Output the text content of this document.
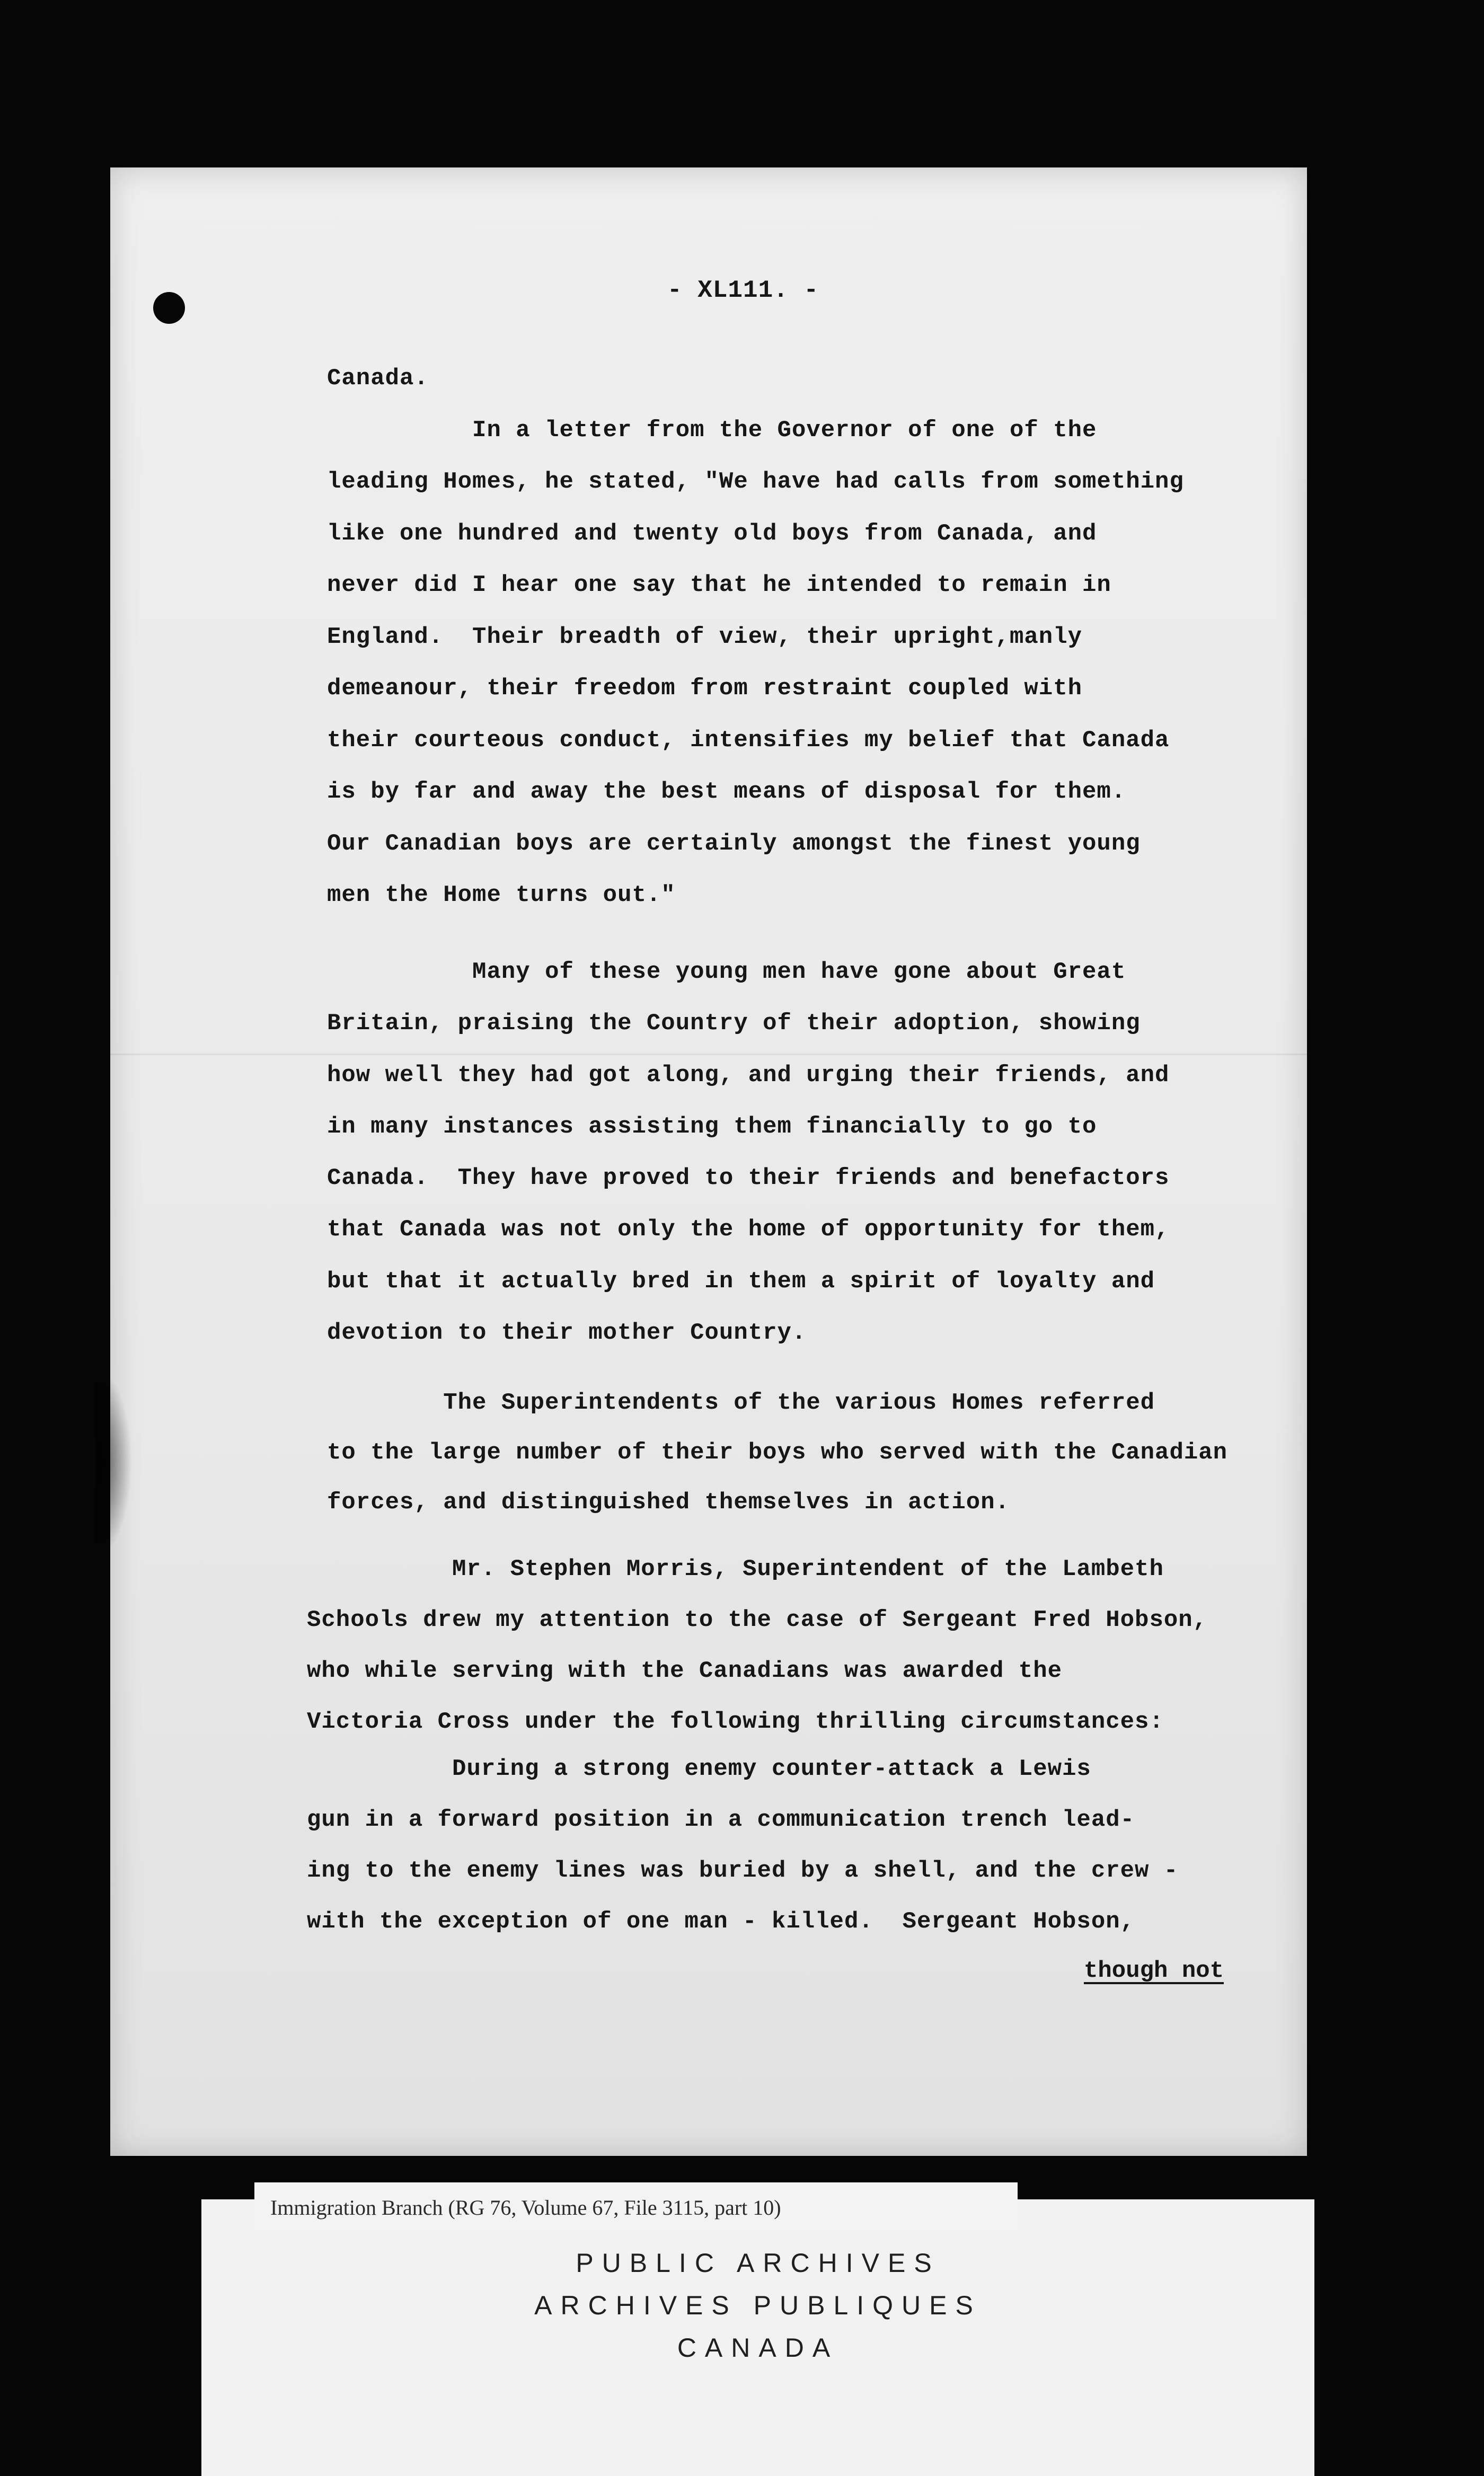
- XL111. -
Canada.
In a letter from the Governor of one of the
leading Homes, he stated, "We have had calls from something
like one hundred and twenty old boys from Canada, and
never did I hear one say that he intended to remain in
England.  Their breadth of view, their upright,manly
demeanour, their freedom from restraint coupled with
their courteous conduct, intensifies my belief that Canada
is by far and away the best means of disposal for them.
Our Canadian boys are certainly amongst the finest young
men the Home turns out."
Many of these young men have gone about Great
Britain, praising the Country of their adoption, showing
how well they had got along, and urging their friends, and
in many instances assisting them financially to go to
Canada.  They have proved to their friends and benefactors
that Canada was not only the home of opportunity for them,
but that it actually bred in them a spirit of loyalty and
devotion to their mother Country.
The Superintendents of the various Homes referred
to the large number of their boys who served with the Canadian
forces, and distinguished themselves in action.
Mr. Stephen Morris, Superintendent of the Lambeth
Schools drew my attention to the case of Sergeant Fred Hobson,
who while serving with the Canadians was awarded the
Victoria Cross under the following thrilling circumstances:
During a strong enemy counter-attack a Lewis
gun in a forward position in a communication trench lead-
ing to the enemy lines was buried by a shell, and the crew -
with the exception of one man - killed.  Sergeant Hobson,
though not
PUBLIC ARCHIVES
ARCHIVES PUBLIQUES
CANADA
Immigration Branch (RG 76, Volume 67, File 3115, part 10)
